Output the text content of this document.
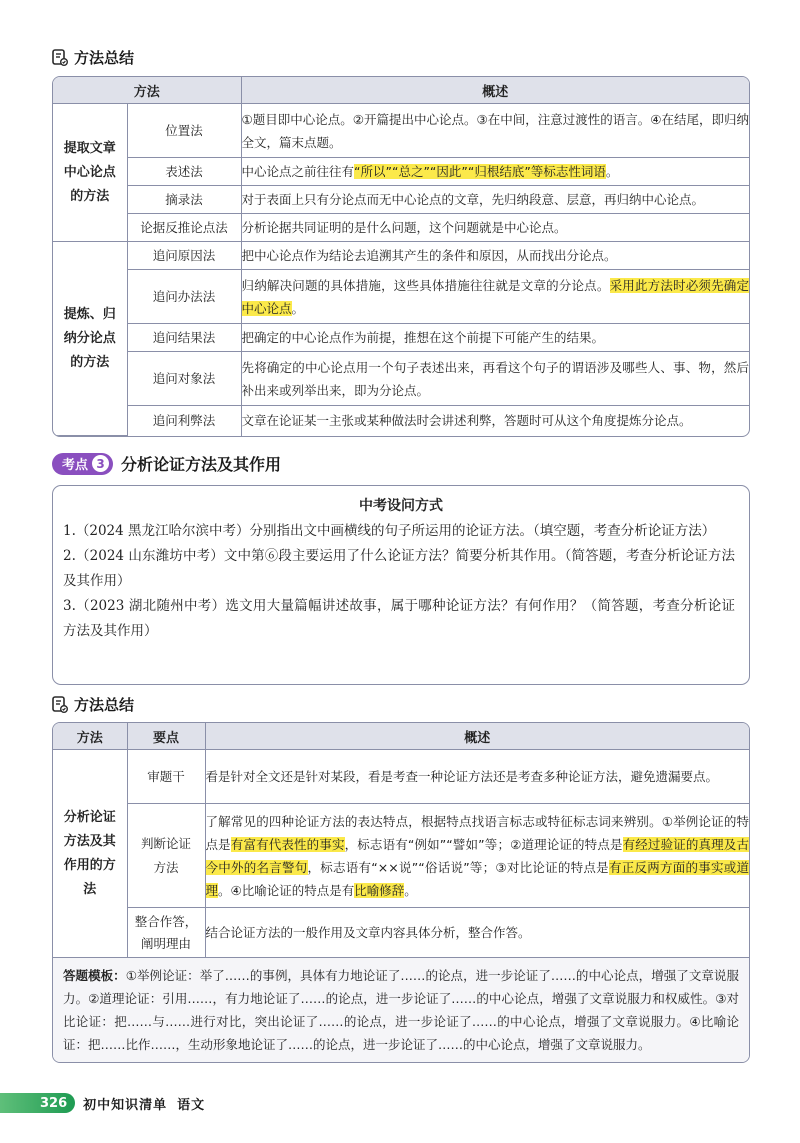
方法总结
方法		概述

提取文章中心论点的方法	位置法	①题目即中心论点。②开篇提出中心论点。③在中间，注意过渡性的语言。④在结尾，即归纳全文，篇末点题。
	表述法	中心论点之前往往有“所以”“总之”“因此”“归根结底”等标志性词语。
	摘录法	对于表面上只有分论点而无中心论点的文章，先归纳段意、层意，再归纳中心论点。
	论据反推论点法	分析论据共同证明的是什么问题，这个问题就是中心论点。

提炼、归纳分论点的方法	追问原因法	把中心论点作为结论去追溯其产生的条件和原因，从而找出分论点。
	追问办法法	归纳解决问题的具体措施，这些具体措施往往就是文章的分论点。采用此方法时必须先确定中心论点。
	追问结果法	把确定的中心论点作为前提，推想在这个前提下可能产生的结果。
	追问对象法	先将确定的中心论点用一个句子表述出来，再看这个句子的谓语涉及哪些人、事、物，然后补出来或列举出来，即为分论点。
	追问利弊法	文章在论证某一主张或某种做法时会讲述利弊，答题时可从这个角度提炼分论点。
考点 3 分析论证方法及其作用
中考设问方式

1.（2024 黑龙江哈尔滨中考）分别指出文中画横线的句子所运用的论证方法。（填空题，考查分析论证方法）

2.（2024 山东潍坊中考）文中第⑥段主要运用了什么论证方法？简要分析其作用。（简答题，考查分析论证方法及其作用）

3.（2023 湖北随州中考）选文用大量篇幅讲述故事，属于哪种论证方法？有何作用？（简答题，考查分析论证方法及其作用）

方法总结
方法	要点	概述

分析论证方法及其作用的方法	审题干	看是针对全文还是针对某段，看是考查一种论证方法还是考查多种论证方法，避免遗漏要点。

	判断论证方法	了解常见的四种论证方法的表达特点，根据特点找语言标志或特征标志词来辨别。①举例论证的特点是有富有代表性的事实，标志语有“例如”“譬如”等；②道理论证的特点是有经过验证的真理及古今中外的名言警句，标志语有“××说”“俗话说”等；③对比论证的特点是有正反两方面的事实或道理。④比喻论证的特点是有比喻修辞。

	整合作答，阐明理由	结合论证方法的一般作用及文章内容具体分析，整合作答。

答题模板：①举例论证：举了……的事例，具体有力地论证了……的论点，进一步论证了……的中心论点，增强了文章说服力。②道理论证：引用……，有力地论证了……的论点，进一步论证了……的中心论点，增强了文章说服力和权威性。③对比论证：把……与……进行对比，突出论证了……的论点，进一步论证了……的中心论点，增强了文章说服力。④比喻论证：把……比作……，生动形象地论证了……的论点，进一步论证了……的中心论点，增强了文章说服力。		
326	初中知识清单 语文
